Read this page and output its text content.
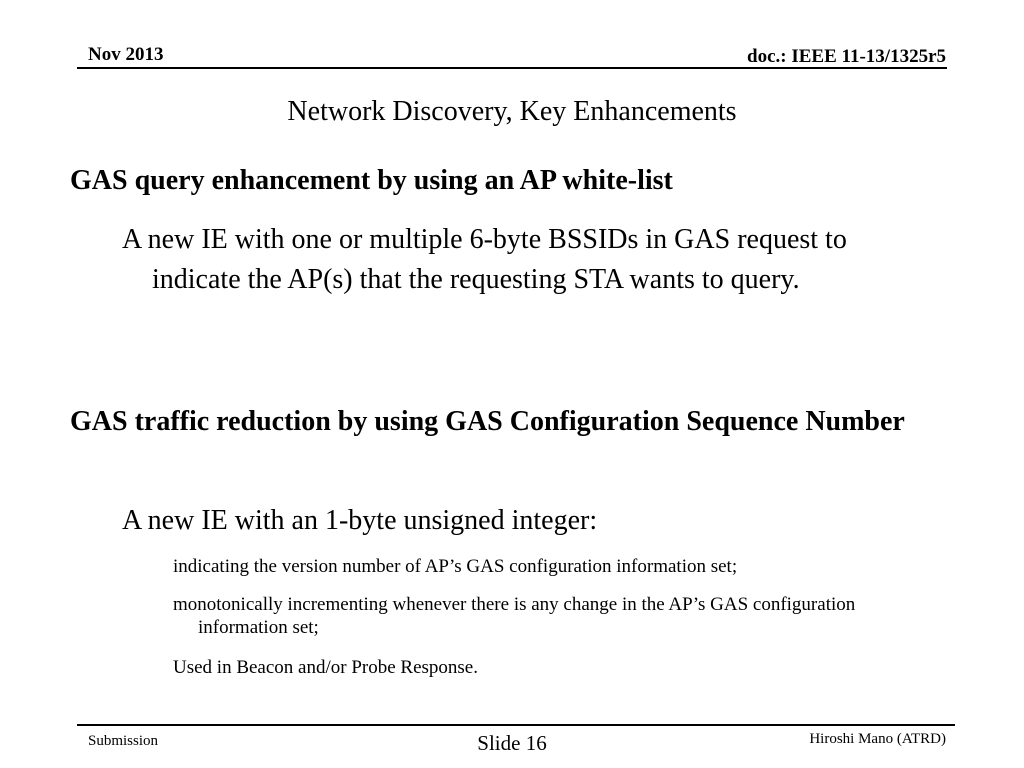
Nov 2013	doc.: IEEE 11-13/1325r5
Network Discovery, Key Enhancements
GAS query enhancement by using an AP white-list
A new IE with one or multiple 6-byte BSSIDs in GAS request to indicate the AP(s) that the requesting STA wants to query.
GAS traffic reduction by using GAS Configuration Sequence Number
A new IE with an 1-byte unsigned integer:
indicating the version number of AP’s GAS configuration information set;
monotonically incrementing whenever there is any change in the AP’s GAS configuration information set;
Used in Beacon and/or Probe Response.
Submission	Slide 16	Hiroshi Mano (ATRD)
